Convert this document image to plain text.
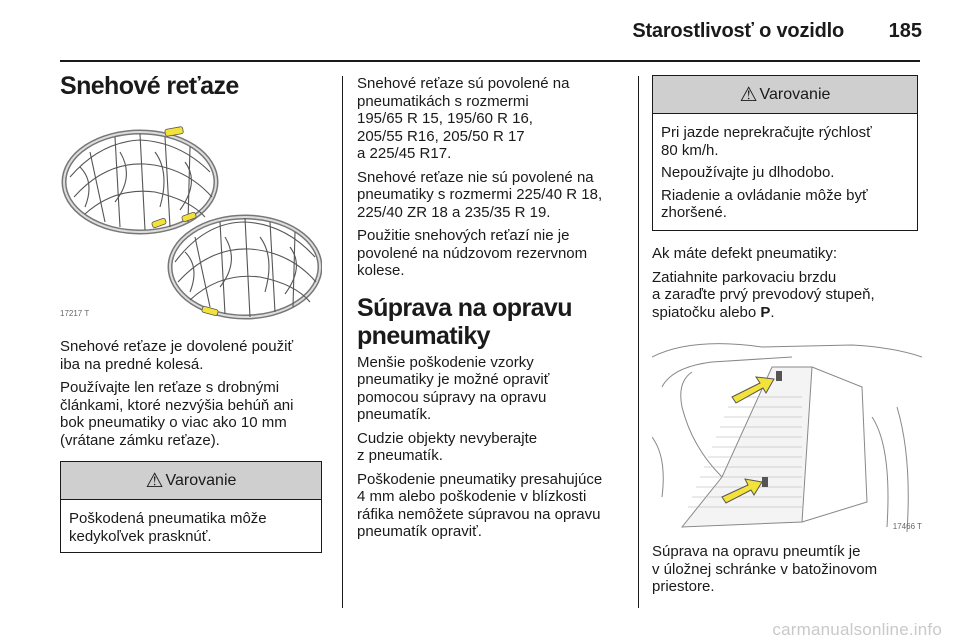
Starostlivosť o vozidlo 185
Snehové reťaze
17217 T

Snehové reťaze je dovolené použiť
iba na predné kolesá.

Používajte len reťaze s drobnými
článkami, ktoré nezvýšia behúň ani
bok pneumatiky o viac ako 10 mm
(vrátane zámku reťaze).

⚠ Varovanie

Poškodená pneumatika môže
kedykoľvek prasknúť.

Snehové reťaze sú povolené na
pneumatikách s rozmermi
195/65 R 15, 195/60 R 16,
205/55 R16, 205/50 R 17
a 225/45 R17.

Snehové reťaze nie sú povolené na
pneumatiky s rozmermi 225/40 R 18,
225/40 ZR 18 a 235/35 R 19.

Použitie snehových reťazí nie je
povolené na núdzovom rezervnom
kolese.

Súprava na opravu
pneumatiky

Menšie poškodenie vzorky
pneumatiky je možné opraviť
pomocou súpravy na opravu
pneumatík.

Cudzie objekty nevyberajte
z pneumatík.

Poškodenie pneumatiky presahujúce
4 mm alebo poškodenie v blízkosti
ráfika nemôžete súpravou na opravu
pneumatík opraviť.

⚠ Varovanie

Pri jazde neprekračujte rýchlosť
80 km/h.

Nepoužívajte ju dlhodobo.

Riadenie a ovládanie môže byť
zhoršené.

Ak máte defekt pneumatiky:

Zatiahnite parkovaciu brzdu
a zaraďte prvý prevodový stupeň,
spiatočku alebo P.

17466 T

Súprava na opravu pneumtík je
v úložnej schránke v batožinovom
priestore.

carmanualsonline.info
